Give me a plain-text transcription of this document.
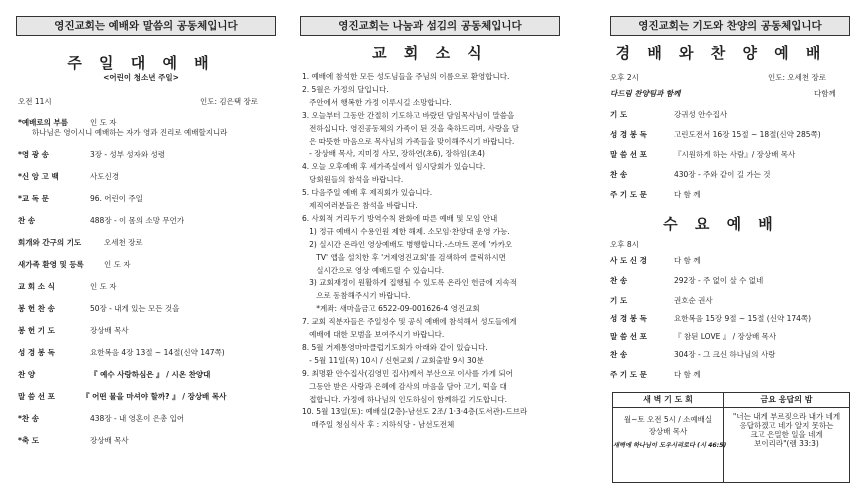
영진교회는 예배와 말씀의 공동체입니다
주 일 대 예 배
<어린이 청소년 주일>
오전 11시	인도: 김은택 장로
*예배로의 부름	인 도 자
하나님은 영이시니 예배하는 자가 영과 진리로 예배할지니라
*영 광 송	3장 - 성부 성자와 성령
*신 앙 고 백	사도신경
*교 독 문	96. 어린이 주일
찬 송	488장 - 이 몸의 소망 무언가
회개와 간구의 기도	오세천 장로
새가족 환영 및 등록	인 도 자
교 회 소 식	인 도 자
봉 헌 찬 송	50장 - 내게 있는 모든 것을
봉 헌 기 도	장상배 목사
성 경 봉 독	요한복음 4장 13절 ~ 14절(신약 147쪽)
찬 양	『 예수 사랑하심은 』 / 시온 찬양대
말 씀 선 포	『 어떤 물을 마셔야 할까? 』 / 장상배 목사
*찬 송	438장 - 내 영혼이 은총 입어
*축 도	장상배 목사
영진교회는 나눔과 섬김의 공동체입니다
교 회 소 식
1. 예배에 참석한 모든 성도님들을 주님의 이름으로 환영합니다.
2. 5월은 가정의 달입니다.
주안에서 행복한 가정 이루시길 소망합니다.
3. 오늘부터 그동안 간절히 기도하고 바랐던 담임목사님이 말씀을
전하십니다. 영진공동체의 가족이 된 것을 축하드리며, 사랑을 담
은 따뜻한 마음으로 목사님의 가족들을 맞이해주시기 바랍니다.
- 장상배 목사, 지미정 사모, 장하연(초6), 장하임(초4)
4. 오늘 오후예배 후 세가족실에서 임시당회가 있습니다.
당회원들의 참석을 바랍니다.
5. 다음주일 예배 후 제직회가 있습니다.
제직여러분들은 참석을 바랍니다.
6. 사회적 거리두기 방역수칙 완화에 따른 예배 및 모임 안내
1) 정규 예배시 수용인원 제한 해제. 소모임·찬양대 운영 가능.
2) 실시간 온라인 영상예배도 병행합니다.-스마트 폰에 '카카오
TV' 앱을 설치한 후 '거제영진교회'를 검색하여 클릭하시면
실시간으로 영상 예배드릴 수 있습니다.
3) 교회재정이 원활하게 집행될 수 있도록 온라인 헌금에 지속적
으로 동참해주시기 바랍니다.
*계좌: 새마을금고 6522-09-001626-4 영진교회
7. 교회 직분자들은 주일성수 및 공식 예배에 참석해서 성도들에게
예배에 대한 모범을 보여주시기 바랍니다.
8. 5월 거제통영마마클럽기도회가 아래와 같이 있습니다.
- 5월 11일(목) 10시 / 신현교회 / 교회출발 9시 30분
9. 최명환 안수집사(김영민 집사)께서 부산으로 이사를 가게 되어
그동안 받은 사랑과 은혜에 감사의 마음을 담아 고기, 떡을 대
접합니다. 가정에 하나님의 인도하심이 함께하길 기도합니다.
10. 5월 13일(토): 예배실(2층)-남선도 2조/ 1·3·4층(도서관)-드브라
매주일 청심식사 후 : 지하식당 - 남선도전체
영진교회는 기도와 찬양의 공동체입니다
경 배 와 찬 양 예 배
오후 2시	인도: 오세천 장로
다드림 찬양팀과 함께	다함께
기 도	강귀성 안수집사
성 경 봉 독	고린도전서 16장 15절 ~ 18절(신약 285쪽)
말 씀 선 포	『시원하게 하는 사람』/ 장상배 목사
찬 송	430장 - 주와 같이 길 가는 것
주 기 도 문	다 함 께
수 요 예 배
오후 8시
사 도 신 경	다 함 께
찬 송	292장 - 주 없이 살 수 없네
기 도	권호순 권사
성 경 봉 독	요한복음 15장 9절 ~ 15절 (신약 174쪽)
말 씀 선 포	『 참된 LOVE 』 / 장상배 목사
찬 송	304장 - 그 크신 하나님의 사랑
주 기 도 문	다 함 께
새 벽 기 도 회
월~토 오전 5시 / 소예배실
장상배 목사
새벽에 하나님이 도우시리로다 (시 46:5)
금요 응답의 밤
"너는 내게 부르짖으라 내가 네게
응답하겠고 네가 알지 못하는
크고 은밀한 일을 네게
보이리라"(렘 33:3)
